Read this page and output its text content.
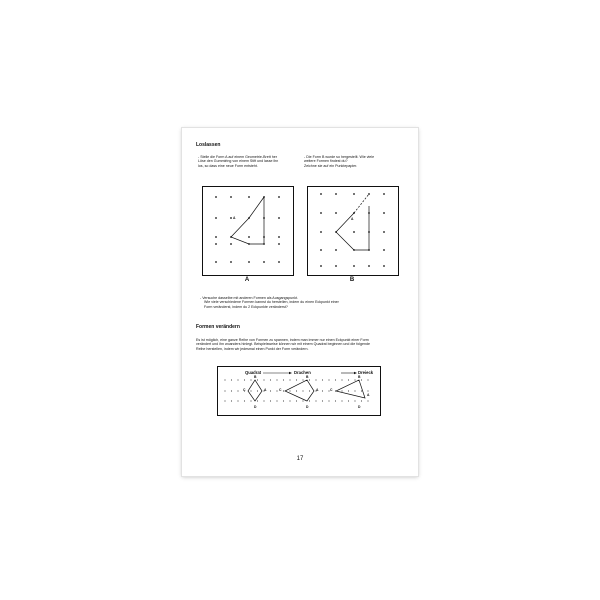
Loslassen
- Stelle die Form A auf einem Geometrie-Brett her
Löse den Gummiring von einem Stift und lasse ihn
los, so dass eine neue Form entsteht.
- Die Form B wurde so hergestellt. Wie viele
weitere Formen findest du?
Zeichne sie auf ein Punktepapier.
A
A
A
B
- Versuche dasselbe mit anderen Formen als Ausgangspunkt.
Wie viele verschiedene Formen kannst du herstellen, indem du einen Eckpunkt einer
Form veränderst, indem du 2 Eckpunkte veränderst?
Formen verändern
Es ist möglich, eine ganze Reihe von Formen zu spannen, indem man immer nur einen Eckpunkt einer Form
verändert und ihn woanders hinlegt. Beispielsweise können wir mit einem Quadrat beginnen und die folgende
Reihe herstellen, indem wir jedesmal einen Punkt der Form verändern.
Quadrat	Drachen	Dreieck
B
C	A
D
B
C	A
D
B
C
A
D
17
